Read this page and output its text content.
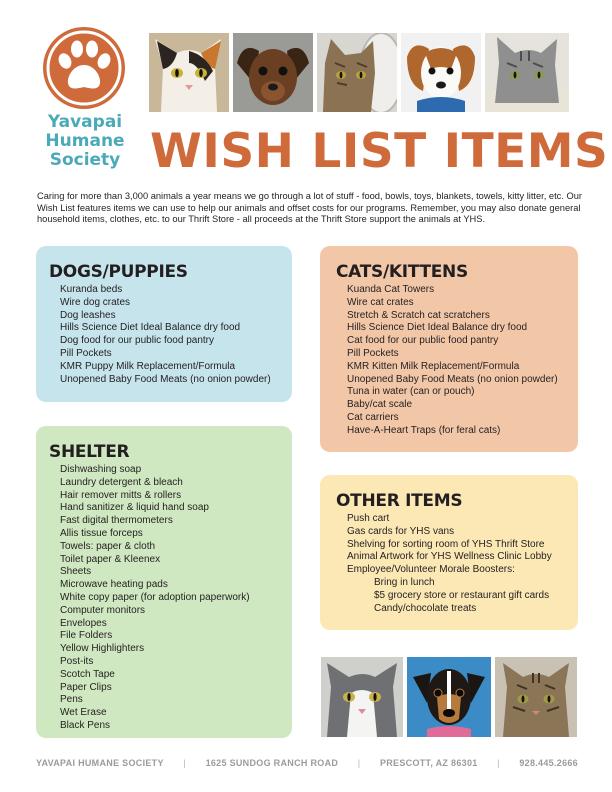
Yavapai
Humane
Society WISH LIST ITEMS
Caring for more than 3,000 animals a year means we go through a lot of stuff - food, bowls, toys, blankets, towels, kitty litter, etc. Our Wish List features items we can use to help our animals and offset costs for our programs. Remember, you may also donate general household items, clothes, etc. to our Thrift Store - all proceeds at the Thrift Store support the animals at YHS.
DOGS/PUPPIES
Kuranda beds
Wire dog crates
Dog leashes
Hills Science Diet Ideal Balance dry food
Dog food for our public food pantry
Pill Pockets
KMR Puppy Milk Replacement/Formula
Unopened Baby Food Meats (no onion powder)
CATS/KITTENS
Kuanda Cat Towers
Wire cat crates
Stretch & Scratch cat scratchers
Hills Science Diet Ideal Balance dry food
Cat food for our public food pantry
Pill Pockets
KMR Kitten Milk Replacement/Formula
Unopened Baby Food Meats (no onion powder)
Tuna in water (can or pouch)
Baby/cat scale
Cat carriers
Have-A-Heart Traps (for feral cats)
SHELTER
Dishwashing soap
Laundry detergent & bleach
Hair remover mitts & rollers
Hand sanitizer & liquid hand soap
Fast digital thermometers
Allis tissue forceps
Towels: paper & cloth
Toilet paper & Kleenex
Sheets
Microwave heating pads
White copy paper (for adoption paperwork)
Computer monitors
Envelopes
File Folders
Yellow Highlighters
Post-its
Scotch Tape
Paper Clips
Pens
Wet Erase
Black Pens
OTHER ITEMS
Push cart
Gas cards for YHS vans
Shelving for sorting room of YHS Thrift Store
Animal Artwork for YHS Wellness Clinic Lobby
Employee/Volunteer Morale Boosters:
Bring in lunch
$5 grocery store or restaurant gift cards
Candy/chocolate treats
YAVAPAI HUMANE SOCIETY | 1625 SUNDOG RANCH ROAD | PRESCOTT, AZ 86301 | 928.445.2666
